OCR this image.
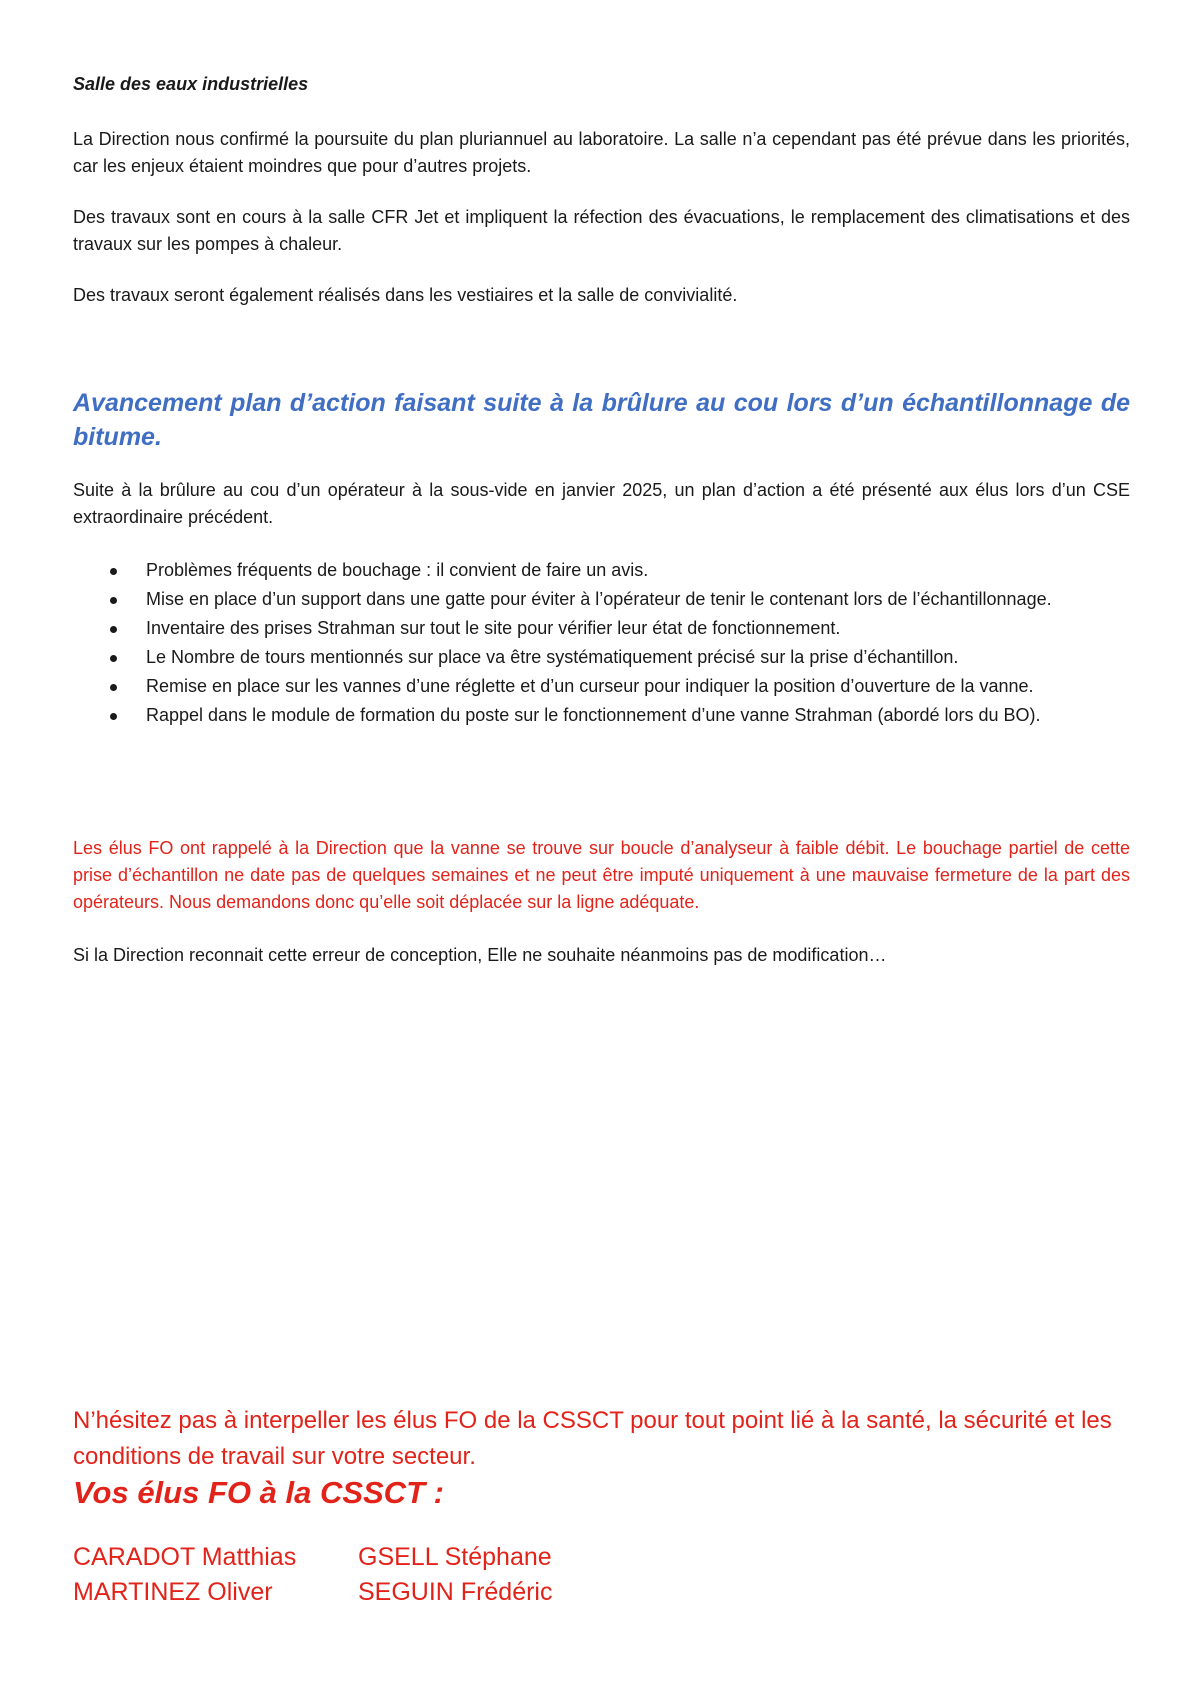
Salle des eaux industrielles

La Direction nous confirmé la poursuite du plan pluriannuel au laboratoire. La salle n’a cependant pas été prévue dans les priorités, car les enjeux étaient moindres que pour d’autres projets.

Des travaux sont en cours à la salle CFR Jet et impliquent la réfection des évacuations, le remplacement des climatisations et des travaux sur les pompes à chaleur.

Des travaux seront également réalisés dans les vestiaires et la salle de convivialité.

Avancement plan d’action faisant suite à la brûlure au cou lors d’un échantillonnage de bitume.

Suite à la brûlure au cou d’un opérateur à la sous-vide en janvier 2025, un plan d’action a été présenté aux élus lors d’un CSE extraordinaire précédent.

Problèmes fréquents de bouchage : il convient de faire un avis.
Mise en place d’un support dans une gatte pour éviter à l’opérateur de tenir le contenant lors de l’échantillonnage.
Inventaire des prises Strahman sur tout le site pour vérifier leur état de fonctionnement.
Le Nombre de tours mentionnés sur place va être systématiquement précisé sur la prise d’échantillon.
Remise en place sur les vannes d’une réglette et d’un curseur pour indiquer la position d’ouverture de la vanne.
Rappel dans le module de formation du poste sur le fonctionnement d’une vanne Strahman (abordé lors du BO).

Les élus FO ont rappelé à la Direction que la vanne se trouve sur boucle d’analyseur à faible débit. Le bouchage partiel de cette prise d’échantillon ne date pas de quelques semaines et ne peut être imputé uniquement à une mauvaise fermeture de la part des opérateurs. Nous demandons donc qu’elle soit déplacée sur la ligne adéquate.

Si la Direction reconnait cette erreur de conception, Elle ne souhaite néanmoins pas de modification…

N’hésitez pas à interpeller les élus FO de la CSSCT pour tout point lié à la santé, la sécurité et les conditions de travail sur votre secteur.
Vos élus FO à la CSSCT :
CARADOT Matthias GSELL Stéphane
MARTINEZ Oliver	SEGUIN Frédéric
